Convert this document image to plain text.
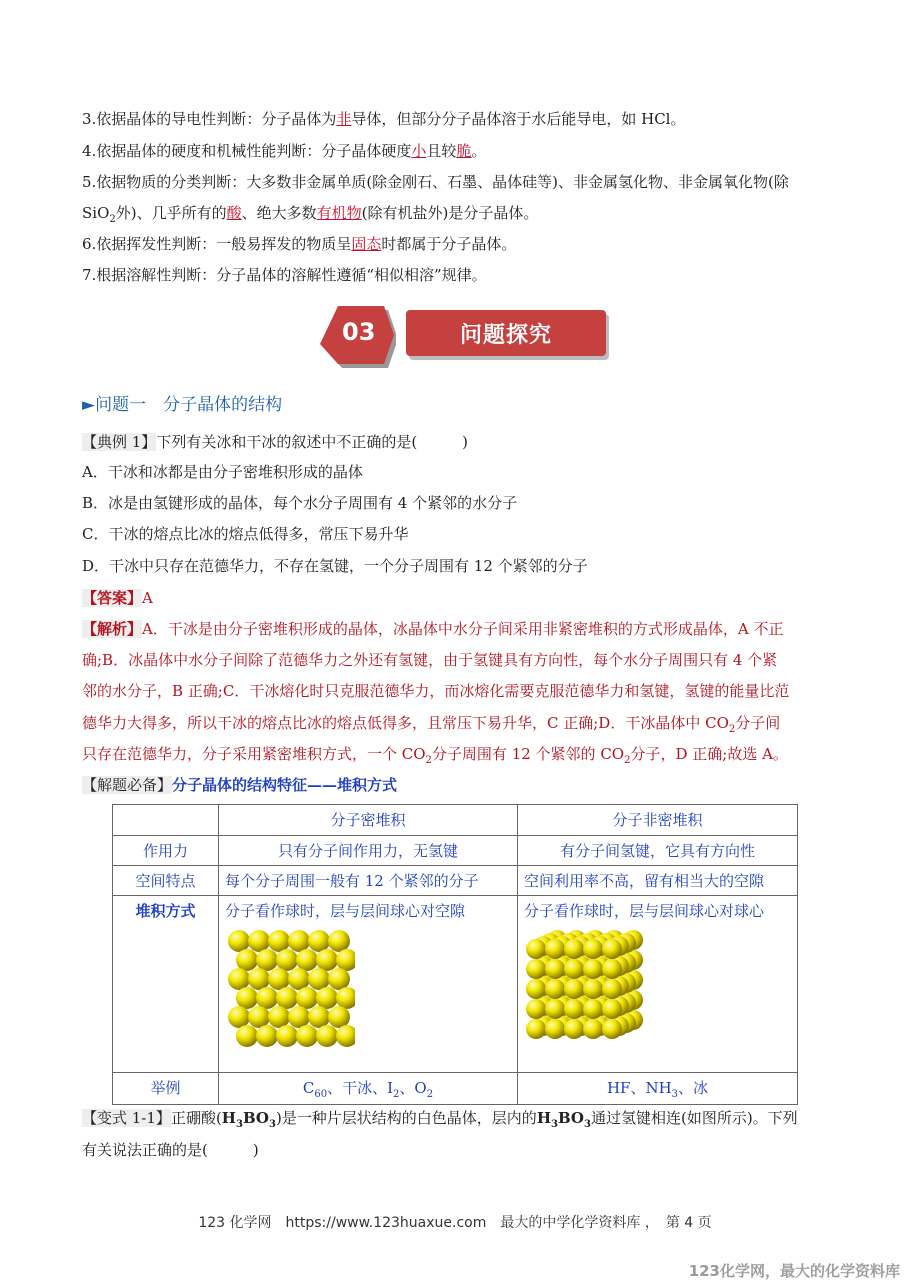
3.依据晶体的导电性判断：分子晶体为非导体，但部分分子晶体溶于水后能导电，如 HCl。
4.依据晶体的硬度和机械性能判断：分子晶体硬度小且较脆。
5.依据物质的分类判断：大多数非金属单质(除金刚石、石墨、晶体硅等)、非金属氢化物、非金属氧化物(除
SiO$_2$外)、几乎所有的酸、绝大多数有机物(除有机盐外)是分子晶体。
6.依据挥发性判断：一般易挥发的物质呈固态时都属于分子晶体。
7.根据溶解性判断：分子晶体的溶解性遵循“相似相溶”规律。
03	问题探究
►问题一　分子晶体的结构
【典例 1】下列有关冰和干冰的叙述中不正确的是(　　　)
A．干冰和冰都是由分子密堆积形成的晶体
B．冰是由氢键形成的晶体，每个水分子周围有 4 个紧邻的水分子
C．干冰的熔点比冰的熔点低得多，常压下易升华
D．干冰中只存在范德华力，不存在氢键，一个分子周围有 12 个紧邻的分子
【答案】A
【解析】A．干冰是由分子密堆积形成的晶体，冰晶体中水分子间采用非紧密堆积的方式形成晶体，A 不正
确;B．冰晶体中水分子间除了范德华力之外还有氢键，由于氢键具有方向性，每个水分子周围只有 4 个紧
邻的水分子，B 正确;C．干冰熔化时只克服范德华力，而冰熔化需要克服范德华力和氢键，氢键的能量比范
德华力大得多，所以干冰的熔点比冰的熔点低得多，且常压下易升华，C 正确;D．干冰晶体中 $CO_2$分子间
只存在范德华力，分子采用紧密堆积方式，一个 $CO_2$分子周围有 12 个紧邻的 $CO_2$分子，D 正确;故选 A。
【解题必备】分子晶体的结构特征——堆积方式
	分子密堆积	分子非密堆积
作用力	只有分子间作用力，无氢键	有分子间氢键，它具有方向性
空间特点	每个分子周围一般有 12 个紧邻的分子	空间利用率不高，留有相当大的空隙
堆积方式	分子看作球时，层与层间球心对空隙	分子看作球时，层与层间球心对球心

举例	$C_{60}$、干冰、$I_2$、$O_2$	HF、$NH_3$、冰
【变式 1-1】正硼酸$(H_3BO_3)$是一种片层状结构的白色晶体，层内的$H_3BO_3$通过氢键相连(如图所示)。下列
有关说法正确的是(　　　)
123 化学网　https://www.123huaxue.com　最大的中学化学资料库 ，　第 4 页
123化学网，最大的化学资料库
